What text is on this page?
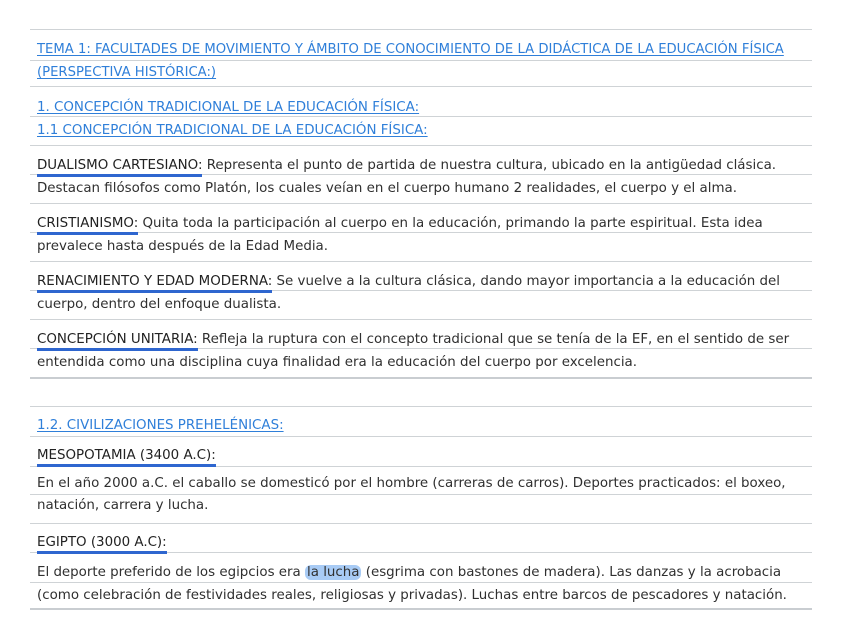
TEMA 1: FACULTADES DE MOVIMIENTO Y ÁMBITO DE CONOCIMIENTO DE LA DIDÁCTICA DE LA EDUCACIÓN FÍSICA
(PERSPECTIVA HISTÓRICA:)
1. CONCEPCIÓN TRADICIONAL DE LA EDUCACIÓN FÍSICA:
1.1 CONCEPCIÓN TRADICIONAL DE LA EDUCACIÓN FÍSICA:
DUALISMO CARTESIANO: Representa el punto de partida de nuestra cultura, ubicado en la antigüedad clásica.
Destacan filósofos como Platón, los cuales veían en el cuerpo humano 2 realidades, el cuerpo y el alma.
CRISTIANISMO: Quita toda la participación al cuerpo en la educación, primando la parte espiritual. Esta idea
prevalece hasta después de la Edad Media.
RENACIMIENTO Y EDAD MODERNA: Se vuelve a la cultura clásica, dando mayor importancia a la educación del
cuerpo, dentro del enfoque dualista.
CONCEPCIÓN UNITARIA: Refleja la ruptura con el concepto tradicional que se tenía de la EF, en el sentido de ser
entendida como una disciplina cuya finalidad era la educación del cuerpo por excelencia.
1.2. CIVILIZACIONES PREHELÉNICAS:
MESOPOTAMIA (3400 A.C):
En el año 2000 a.C. el caballo se domesticó por el hombre (carreras de carros). Deportes practicados: el boxeo,
natación, carrera y lucha.
EGIPTO (3000 A.C):
El deporte preferido de los egipcios era la lucha (esgrima con bastones de madera). Las danzas y la acrobacia
(como celebración de festividades reales, religiosas y privadas). Luchas entre barcos de pescadores y natación.
